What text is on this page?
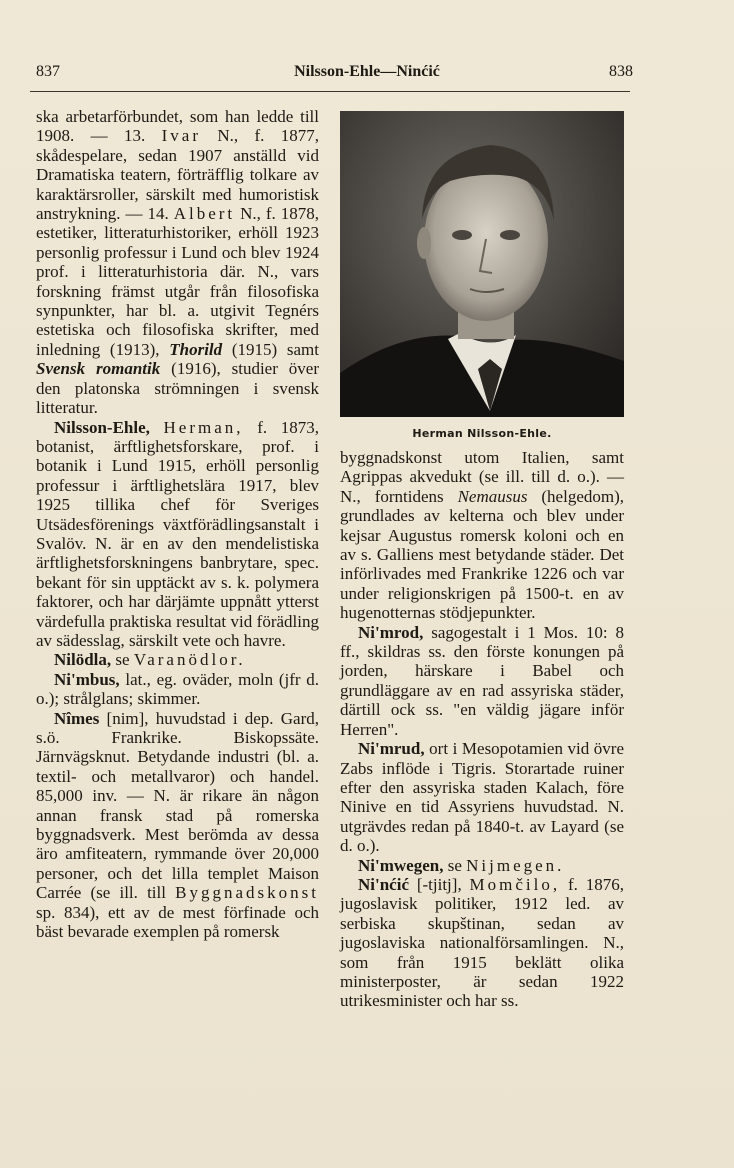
837	Nilsson-Ehle—Ninćić	838

ska arbetarförbundet, som han ledde till 1908. — 13. Ivar N., f. 1877, skådespelare, sedan 1907 anställd vid Dramatiska teatern, förträfflig tolkare av karaktärsroller, särskilt med humoristisk anstrykning. — 14. Albert N., f. 1878, estetiker, litteraturhistoriker, erhöll 1923 personlig professur i Lund och blev 1924 prof. i litteraturhistoria där. N., vars forskning främst utgår från filosofiska synpunkter, har bl. a. utgivit Tegnérs estetiska och filosofiska skrifter, med inledning (1913), Thorild (1915) samt Svensk romantik (1916), studier över den platonska strömningen i svensk litteratur.

Nilsson-Ehle, Herman, f. 1873, botanist, ärftlighetsforskare, prof. i botanik i Lund 1915, erhöll personlig professur i ärftlighetslära 1917, blev 1925 tillika chef för Sveriges Utsädesförenings växtförädlingsanstalt i Svalöv. N. är en av den mendelistiska ärftlighetsforskningens banbrytare, spec. bekant för sin upptäckt av s. k. polymera faktorer, och har därjämte uppnått ytterst värdefulla praktiska resultat vid förädling av sädesslag, särskilt vete och havre.

Nilödla, se Varanödlor.

Ni'mbus, lat., eg. oväder, moln (jfr d. o.); strålglans; skimmer.

Nîmes [nim], huvudstad i dep. Gard, s.ö. Frankrike. Biskopssäte. Järnvägsknut. Betydande industri (bl. a. textil- och metallvaror) och handel. 85,000 inv. — N. är rikare än någon annan fransk stad på romerska byggnadsverk. Mest berömda av dessa äro amfiteatern, rymmande över 20,000 personer, och det lilla templet Maison Carrée (se ill. till Byggnadskonst sp. 834), ett av de mest förfinade och bäst bevarade exemplen på romersk

Herman Nilsson-Ehle.

byggnadskonst utom Italien, samt Agrippas akvedukt (se ill. till d. o.). — N., forntidens Nemausus (helgedom), grundlades av kelterna och blev under kejsar Augustus romersk koloni och en av s. Galliens mest betydande städer. Det införlivades med Frankrike 1226 och var under religionskrigen på 1500-t. en av hugenotternas stödjepunkter.

Ni'mrod, sagogestalt i 1 Mos. 10: 8 ff., skildras ss. den förste konungen på jorden, härskare i Babel och grundläggare av en rad assyriska städer, därtill ock ss. "en väldig jägare inför Herren".

Ni'mrud, ort i Mesopotamien vid övre Zabs inflöde i Tigris. Storartade ruiner efter den assyriska staden Kalach, före Ninive en tid Assyriens huvudstad. N. utgrävdes redan på 1840-t. av Layard (se d. o.).

Ni'mwegen, se Nijmegen.

Ni'nćić [-tjitj], Momčilo, f. 1876, jugoslavisk politiker, 1912 led. av serbiska skupštinan, sedan av jugoslaviska nationalförsamlingen. N., som från 1915 beklätt olika ministerposter, är sedan 1922 utrikesminister och har ss.
